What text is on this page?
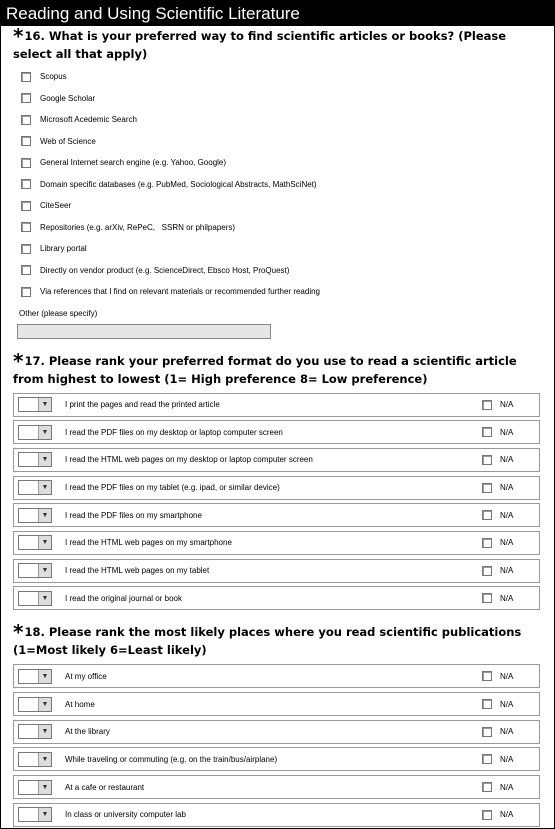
Reading and Using Scientific Literature
*16. What is your preferred way to find scientific articles or books? (Please select all that apply)
Scopus
Google Scholar
Microsoft Acedemic Search
Web of Science
General Internet search engine (e.g. Yahoo, Google)
Domain specific databases (e.g. PubMed, Sociological Abstracts, MathSciNet)
CiteSeer
Repositories (e.g. arXiv, RePeC,   SSRN or philpapers)
Library portal
Directly on vendor product (e.g. ScienceDirect, Ebsco Host, ProQuest)
Via references that I find on relevant materials or recommended further reading
Other (please specify)
*17. Please rank your preferred format do you use to read a scientific article from highest to lowest (1= High preference 8= Low preference)
▼	I print the pages and read the printed article	N/A
▼	I read the PDF files on my desktop or laptop computer screen	N/A
▼	I read the HTML web pages on my desktop or laptop computer screen	N/A
▼	I read the PDF files on my tablet (e.g. ipad, or similar device)	N/A
▼	I read the PDF files on my smartphone	N/A
▼	I read the HTML web pages on my smartphone	N/A
▼	I read the HTML web pages on my tablet	N/A
▼	I read the original journal or book	N/A
*18. Please rank the most likely places where you read scientific publications (1=Most likely 6=Least likely)
▼	At my office	N/A
▼	At home	N/A
▼	At the library	N/A
▼	While traveling or commuting (e.g. on the train/bus/airplane)	N/A
▼	At a cafe or restaurant	N/A
▼	In class or university computer lab	N/A
